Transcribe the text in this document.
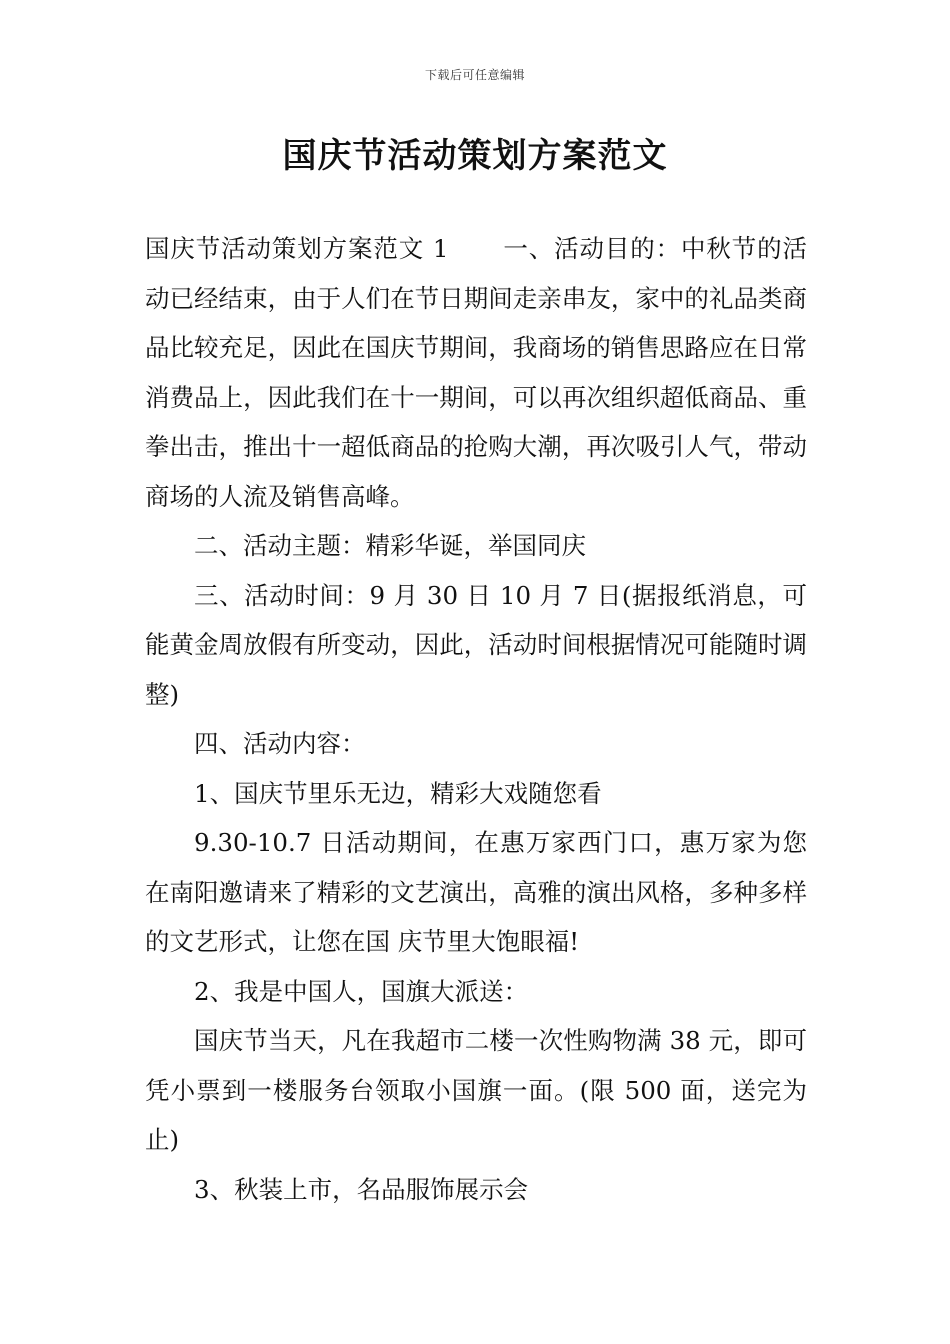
下载后可任意编辑
国庆节活动策划方案范文

国庆节活动策划方案范文 1 一、活动目的：中秋节的活动已经结束，由于人们在节日期间走亲串友，家中的礼品类商品比较充足，因此在国庆节期间，我商场的销售思路应在日常消费品上，因此我们在十一期间，可以再次组织超低商品、重拳出击，推出十一超低商品的抢购大潮，再次吸引人气，带动商场的人流及销售高峰。

二、活动主题：精彩华诞，举国同庆

三、活动时间：9 月 30 日 10 月 7 日(据报纸消息，可能黄金周放假有所变动，因此，活动时间根据情况可能随时调整)

四、活动内容：

1、国庆节里乐无边，精彩大戏随您看

9.30-10.7 日活动期间，在惠万家西门口，惠万家为您在南阳邀请来了精彩的文艺演出，高雅的演出风格，多种多样的文艺形式，让您在国 庆节里大饱眼福!

2、我是中国人，国旗大派送：

国庆节当天，凡在我超市二楼一次性购物满 38 元，即可凭小票到一楼服务台领取小国旗一面。(限 500 面，送完为止)

3、秋装上市，名品服饰展示会
